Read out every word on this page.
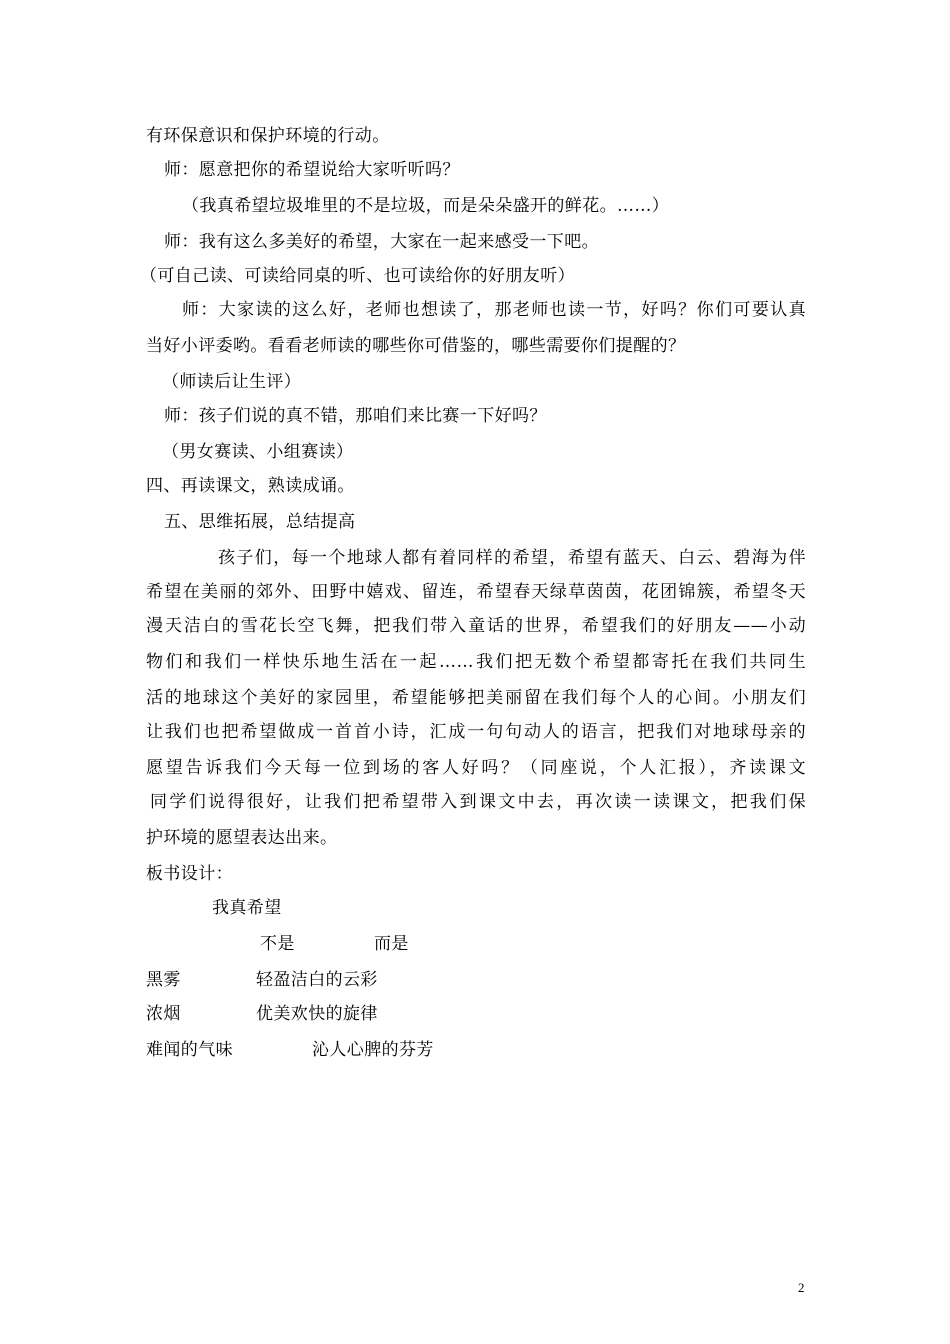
有环保意识和保护环境的行动。
师：愿意把你的希望说给大家听听吗？
（我真希望垃圾堆里的不是垃圾，而是朵朵盛开的鲜花。……）
师：我有这么多美好的希望，大家在一起来感受一下吧。
（可自己读、可读给同桌的听、也可读给你的好朋友听）
师：大家读的这么好，老师也想读了，那老师也读一节，好吗？你们可要认真
当好小评委哟。看看老师读的哪些你可借鉴的，哪些需要你们提醒的？
（师读后让生评）
师：孩子们说的真不错，那咱们来比赛一下好吗？
（男女赛读、小组赛读）
四、再读课文，熟读成诵。
五、思维拓展，总结提高
孩子们，每一个地球人都有着同样的希望，希望有蓝天、白云、碧海为伴
希望在美丽的郊外、田野中嬉戏、留连，希望春天绿草茵茵，花团锦簇，希望冬天
漫天洁白的雪花长空飞舞，把我们带入童话的世界，希望我们的好朋友——小动
物们和我们一样快乐地生活在一起……我们把无数个希望都寄托在我们共同生
活的地球这个美好的家园里，希望能够把美丽留在我们每个人的心间。小朋友们
让我们也把希望做成一首首小诗，汇成一句句动人的语言，把我们对地球母亲的
愿望告诉我们今天每一位到场的客人好吗？（同座说，个人汇报），齐读课文
同学们说得很好，让我们把希望带入到课文中去，再次读一读课文，把我们保
护环境的愿望表达出来。
板书设计：
我真希望
不是	而是
黑雾	轻盈洁白的云彩
浓烟	优美欢快的旋律
难闻的气味	沁人心脾的芬芳
2
